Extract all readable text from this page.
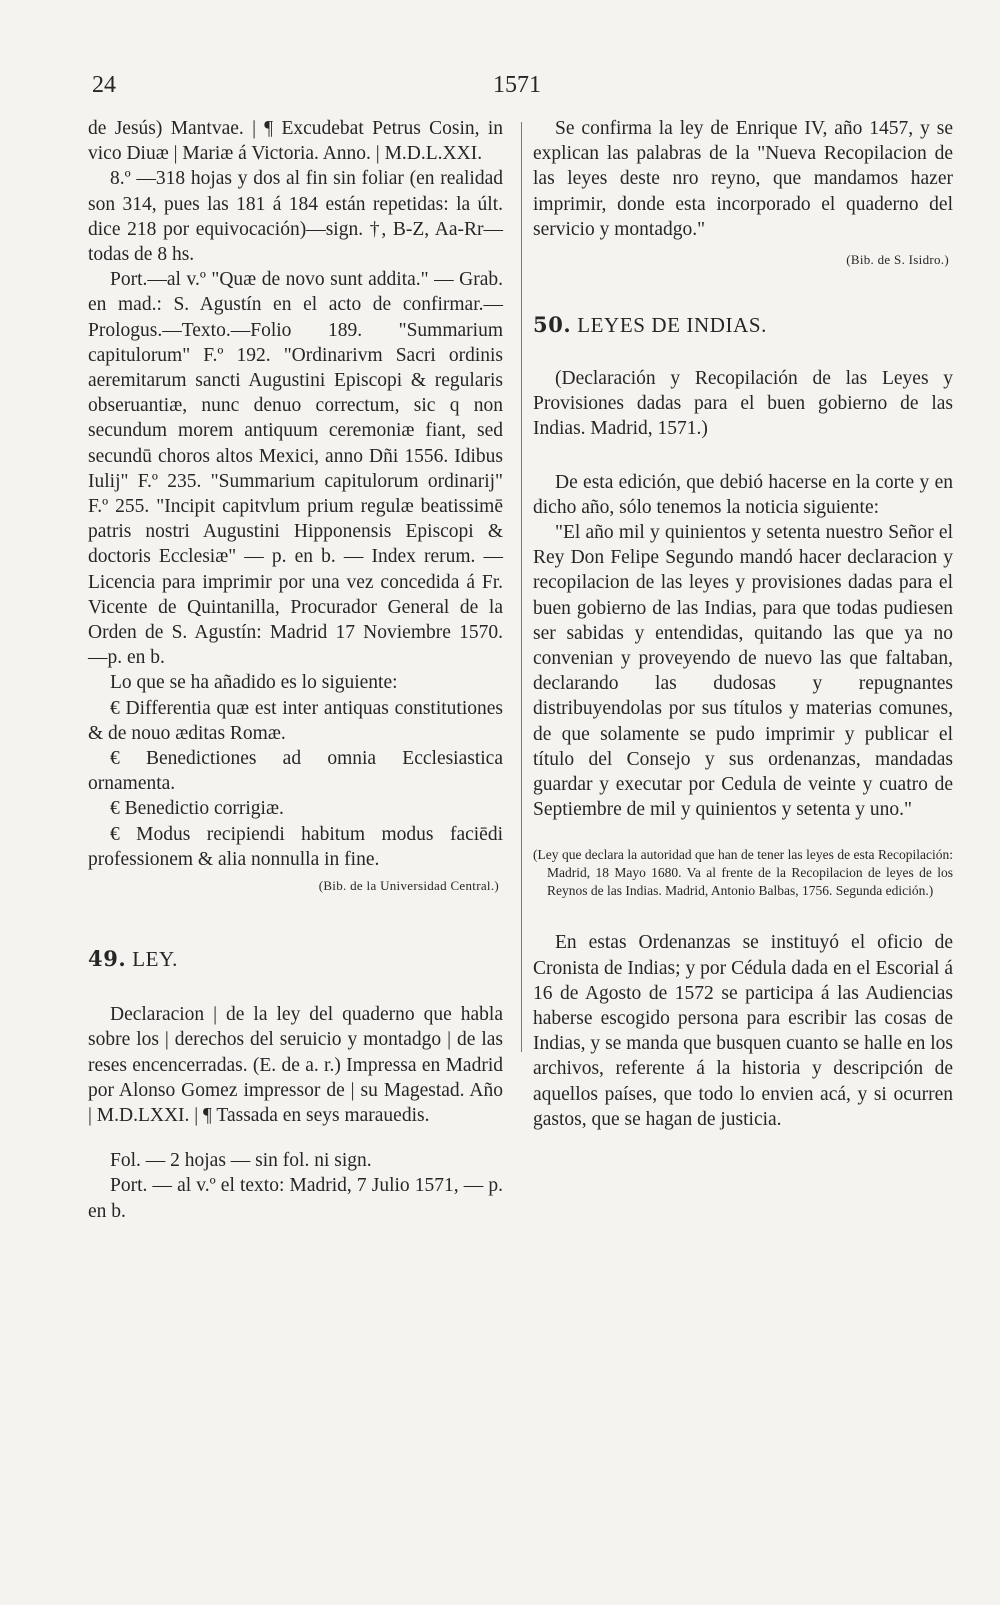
24	1571

de Jesús) Mantvae. | ¶ Excudebat Petrus Cosin, in vico Diuæ | Mariæ á Victoria. Anno. | M.D.L.XXI.

8.º —318 hojas y dos al fin sin foliar (en realidad son 314, pues las 181 á 184 están repetidas: la últ. dice 218 por equivocación)—sign. †, B-Z, Aa-Rr—todas de 8 hs.

Port.—al v.º "Quæ de novo sunt addita." — Grab. en mad.: S. Agustín en el acto de confirmar.—Prologus.—Texto.—Folio 189. "Summarium capitulorum" F.º 192. "Ordinarivm Sacri ordinis aeremitarum sancti Augustini Episcopi & regularis obseruantiæ, nunc denuo correctum, sic q non secundum morem antiquum ceremoniæ fiant, sed secundū choros altos Mexici, anno Dñi 1556. Idibus Iulij" F.º 235. "Summarium capitulorum ordinarij" F.º 255. "Incipit capitvlum prium regulæ beatissimē patris nostri Augustini Hipponensis Episcopi & doctoris Ecclesiæ" — p. en b. — Index rerum. — Licencia para imprimir por una vez concedida á Fr. Vicente de Quintanilla, Procurador General de la Orden de S. Agustín: Madrid 17 Noviembre 1570. —p. en b.

Lo que se ha añadido es lo siguiente:

€ Differentia quæ est inter antiquas constitutiones & de nouo æditas Romæ.

€ Benedictiones ad omnia Ecclesiastica ornamenta.

€ Benedictio corrigiæ.

€ Modus recipiendi habitum modus faciēdi professionem & alia nonnulla in fine.

(Bib. de la Universidad Central.)

49. LEY.

Declaracion | de la ley del quaderno que habla sobre los | derechos del seruicio y montadgo | de las reses encencerradas. (E. de a. r.) Impressa en Madrid por Alonso Gomez impressor de | su Magestad. Año | M.D.LXXI. | ¶ Tassada en seys marauedis.

Fol. — 2 hojas — sin fol. ni sign.

Port. — al v.º el texto: Madrid, 7 Julio 1571, — p. en b.

Se confirma la ley de Enrique IV, año 1457, y se explican las palabras de la "Nueva Recopilacion de las leyes deste nro reyno, que mandamos hazer imprimir, donde esta incorporado el quaderno del servicio y montadgo."

(Bib. de S. Isidro.)

50. LEYES DE INDIAS.

(Declaración y Recopilación de las Leyes y Provisiones dadas para el buen gobierno de las Indias. Madrid, 1571.)

De esta edición, que debió hacerse en la corte y en dicho año, sólo tenemos la noticia siguiente:

"El año mil y quinientos y setenta nuestro Señor el Rey Don Felipe Segundo mandó hacer declaracion y recopilacion de las leyes y provisiones dadas para el buen gobierno de las Indias, para que todas pudiesen ser sabidas y entendidas, quitando las que ya no convenian y proveyendo de nuevo las que faltaban, declarando las dudosas y repugnantes distribuyendolas por sus títulos y materias comunes, de que solamente se pudo imprimir y publicar el título del Consejo y sus ordenanzas, mandadas guardar y executar por Cedula de veinte y cuatro de Septiembre de mil y quinientos y setenta y uno."

(Ley que declara la autoridad que han de tener las leyes de esta Recopilación: Madrid, 18 Mayo 1680. Va al frente de la Recopilacion de leyes de los Reynos de las Indias. Madrid, Antonio Balbas, 1756. Segunda edición.)

En estas Ordenanzas se instituyó el oficio de Cronista de Indias; y por Cédula dada en el Escorial á 16 de Agosto de 1572 se participa á las Audiencias haberse escogido persona para escribir las cosas de Indias, y se manda que busquen cuanto se halle en los archivos, referente á la historia y descripción de aquellos países, que todo lo envien acá, y si ocurren gastos, que se hagan de justicia.
